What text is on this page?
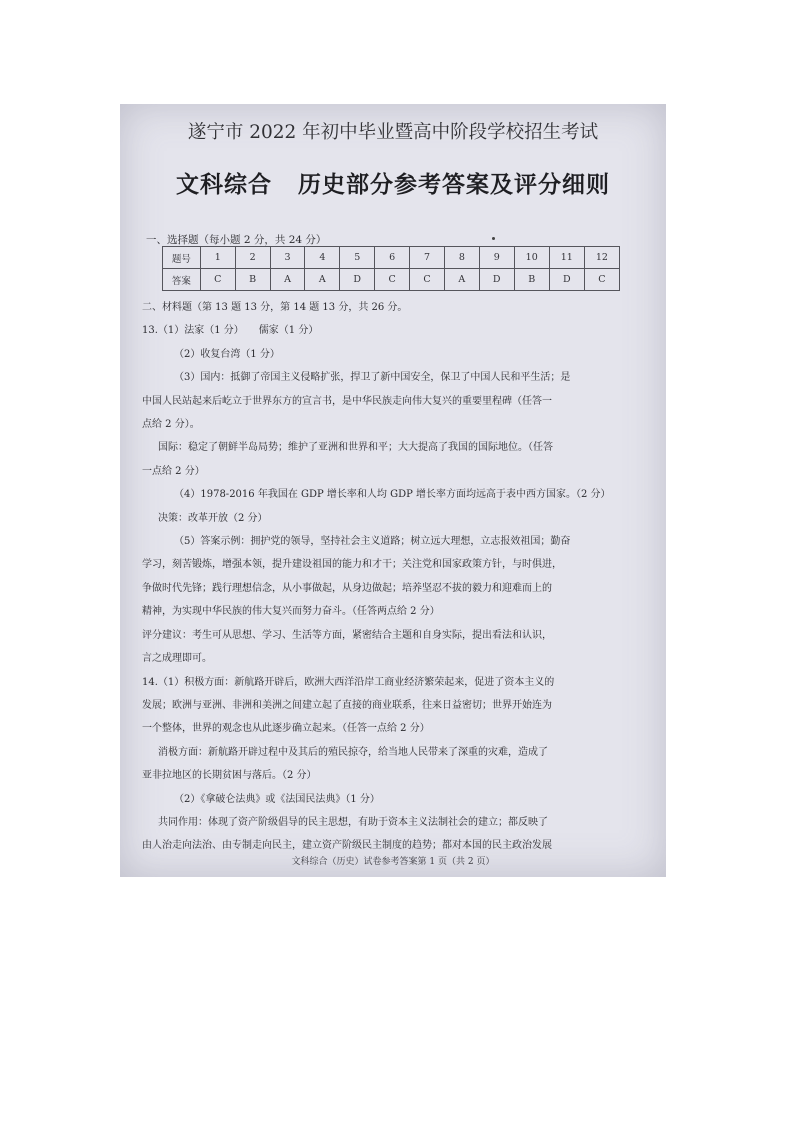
遂宁市 2022 年初中毕业暨高中阶段学校招生考试
文科综合 历史部分参考答案及评分细则
一、选择题（每小题 2 分，共 24 分）
题号	1	2	3	4	5	6	7	8	9	10	11	12
答案	C	B	A	A	D	C	C	A	D	B	D	C

二、材料题（第 13 题 13 分，第 14 题 13 分，共 26 分。

13.（1）法家（1 分）　　儒家（1 分）

（2）收复台湾（1 分）

（3）国内：抵御了帝国主义侵略扩张，捍卫了新中国安全，保卫了中国人民和平生活；是

中国人民站起来后屹立于世界东方的宣言书，是中华民族走向伟大复兴的重要里程碑（任答一

点给 2 分）。

国际：稳定了朝鲜半岛局势；维护了亚洲和世界和平；大大提高了我国的国际地位。（任答

一点给 2 分）

（4）1978-2016 年我国在 GDP 增长率和人均 GDP 增长率方面均远高于表中西方国家。（2 分）

决策：改革开放（2 分）

（5）答案示例：拥护党的领导，坚持社会主义道路；树立远大理想，立志报效祖国；勤奋

学习，刻苦锻炼，增强本领，提升建设祖国的能力和才干；关注党和国家政策方针，与时俱进，

争做时代先锋；践行理想信念，从小事做起，从身边做起；培养坚忍不拔的毅力和迎难而上的

精神，为实现中华民族的伟大复兴而努力奋斗。（任答两点给 2 分）

评分建议：考生可从思想、学习、生活等方面，紧密结合主题和自身实际，提出看法和认识，

言之成理即可。

14.（1）积极方面：新航路开辟后，欧洲大西洋沿岸工商业经济繁荣起来，促进了资本主义的

发展；欧洲与亚洲、非洲和美洲之间建立起了直接的商业联系，往来日益密切；世界开始连为

一个整体，世界的观念也从此逐步确立起来。（任答一点给 2 分）

消极方面：新航路开辟过程中及其后的殖民掠夺，给当地人民带来了深重的灾难，造成了

亚非拉地区的长期贫困与落后。（2 分）

（2）《拿破仑法典》或《法国民法典》（1 分）

共同作用：体现了资产阶级倡导的民主思想，有助于资本主义法制社会的建立；都反映了

由人治走向法治、由专制走向民主，建立资产阶级民主制度的趋势；都对本国的民主政治发展

文科综合（历史）试卷参考答案第 1 页（共 2 页）
